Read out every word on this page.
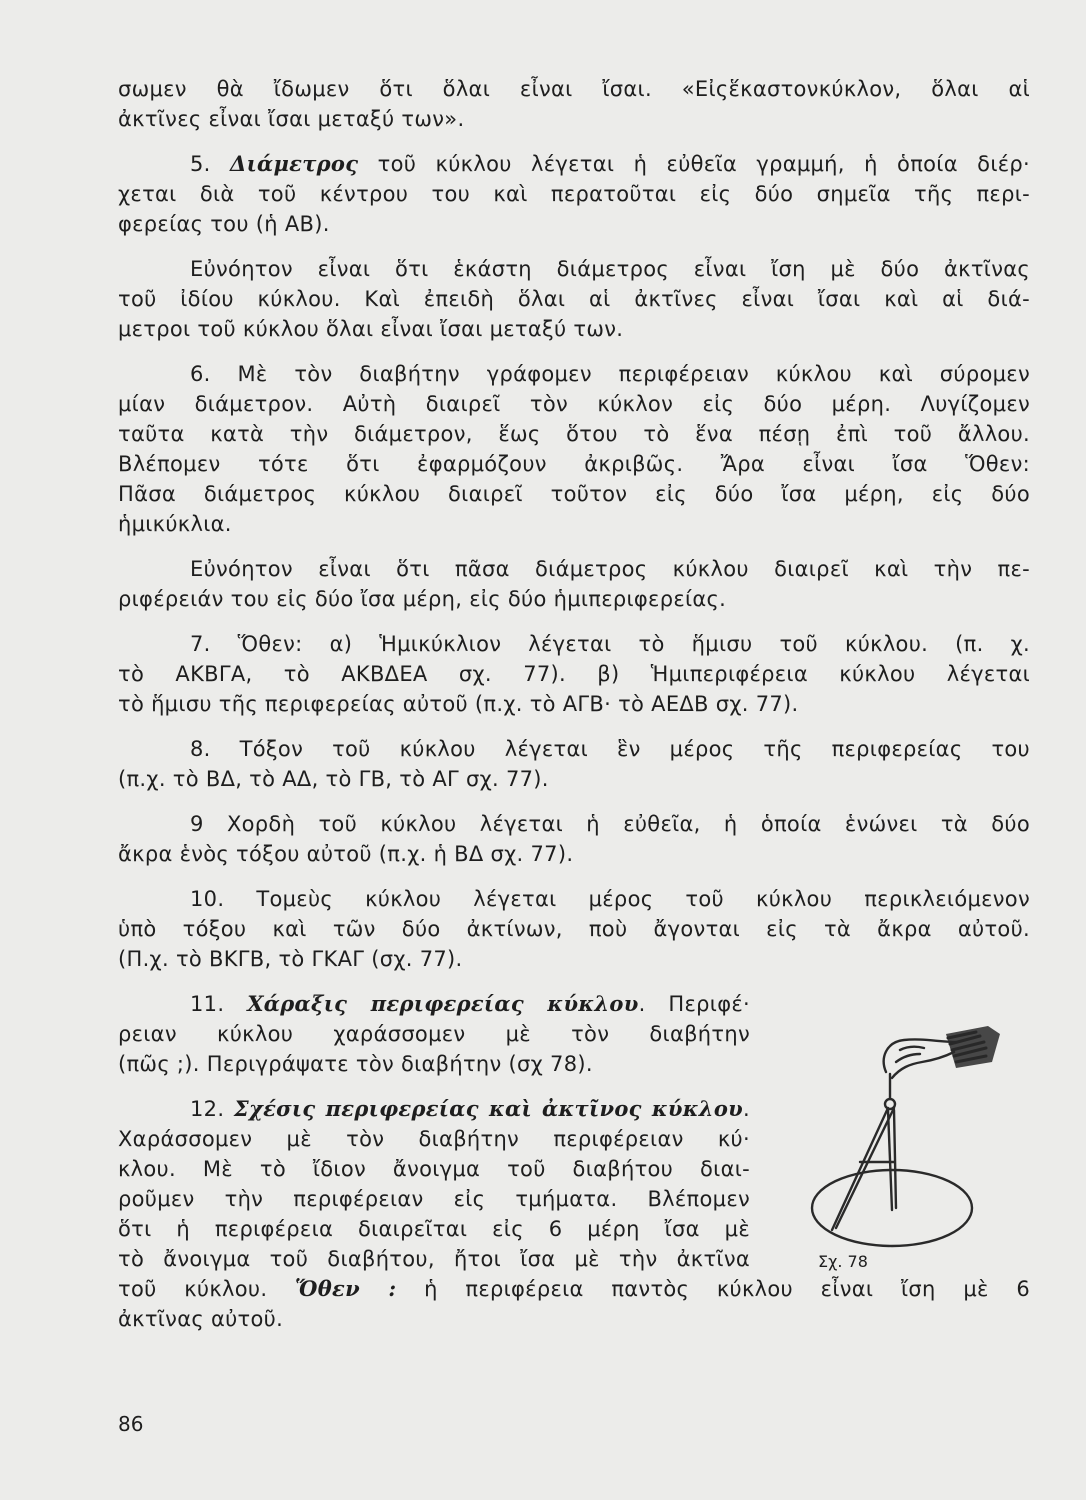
σωμεν θὰ ἴδωμεν ὅτι ὅλαι εἶναι ἴσαι. «Εἰςἕκαστονκύκλον, ὅλαι αἱ
ἀκτῖνες εἶναι ἴσαι μεταξύ των».
5. Διάμετρος τοῦ κύκλου λέγεται ἡ εὐθεῖα γραμμή, ἡ ὁποία διέρ·
χεται διὰ τοῦ κέντρου του καὶ περατοῦται εἰς δύο σημεῖα τῆς περι-
φερείας του (ἡ ΑΒ).
Εὐνόητον εἶναι ὅτι ἑκάστη διάμετρος εἶναι ἴση μὲ δύο ἀκτῖνας
τοῦ ἰδίου κύκλου. Καὶ ἐπειδὴ ὅλαι αἱ ἀκτῖνες εἶναι ἴσαι καὶ αἱ διά-
μετροι τοῦ κύκλου ὅλαι εἶναι ἴσαι μεταξύ των.
6. Μὲ τὸν διαβήτην γράφομεν περιφέρειαν κύκλου καὶ σύρομεν
μίαν διάμετρον. Αὐτὴ διαιρεῖ τὸν κύκλον εἰς δύο μέρη. Λυγίζομεν
ταῦτα κατὰ τὴν διάμετρον, ἕως ὅτου τὸ ἕνα πέσῃ ἐπὶ τοῦ ἄλλου.
Βλέπομεν τότε ὅτι ἐφαρμόζουν ἀκριβῶς. Ἄρα εἶναι ἴσα Ὅθεν:
Πᾶσα διάμετρος κύκλου διαιρεῖ τοῦτον εἰς δύο ἴσα μέρη, εἰς δύο
ἡμικύκλια.
Εὐνόητον εἶναι ὅτι πᾶσα διάμετρος κύκλου διαιρεῖ καὶ τὴν πε-
ριφέρειάν του εἰς δύο ἴσα μέρη, εἰς δύο ἡμιπεριφερείας.
7. Ὅθεν: α) Ἡμικύκλιον λέγεται τὸ ἥμισυ τοῦ κύκλου. (π. χ.
τὸ ΑΚΒΓΑ, τὸ ΑΚΒΔΕΑ σχ. 77). β) Ἡμιπεριφέρεια κύκλου λέγεται
τὸ ἥμισυ τῆς περιφερείας αὐτοῦ (π.χ. τὸ ΑΓΒ· τὸ ΑΕΔΒ σχ. 77).
8. Τόξον τοῦ κύκλου λέγεται ἓν μέρος τῆς περιφερείας του
(π.χ. τὸ ΒΔ, τὸ ΑΔ, τὸ ΓΒ, τὸ ΑΓ σχ. 77).
9 Χορδὴ τοῦ κύκλου λέγεται ἡ εὐθεῖα, ἡ ὁποία ἑνώνει τὰ δύο
ἄκρα ἑνὸς τόξου αὐτοῦ (π.χ. ἡ ΒΔ σχ. 77).
10. Τομεὺς κύκλου λέγεται μέρος τοῦ κύκλου περικλειόμενον
ὑπὸ τόξου καὶ τῶν δύο ἀκτίνων, ποὺ ἄγονται εἰς τὰ ἄκρα αὐτοῦ.
(Π.χ. τὸ ΒΚΓΒ, τὸ ΓΚΑΓ (σχ. 77).
11. Χάραξις περιφερείας κύκλου. Περιφέ·
ρειαν κύκλου χαράσσομεν μὲ τὸν διαβήτην
(πῶς ;). Περιγράψατε τὸν διαβήτην (σχ 78).
12. Σχέσις περιφερείας καὶ ἀκτῖνος κύκλου.
Χαράσσομεν μὲ τὸν διαβήτην περιφέρειαν κύ·
κλου. Μὲ τὸ ἴδιον ἄνοιγμα τοῦ διαβήτου διαι-
ροῦμεν τὴν περιφέρειαν εἰς τμήματα. Βλέπομεν
ὅτι ἡ περιφέρεια διαιρεῖται εἰς 6 μέρη ἴσα μὲ
τὸ ἄνοιγμα τοῦ διαβήτου, ἤτοι ἴσα μὲ τὴν ἀκτῖνα
τοῦ κύκλου. Ὅθεν : ἡ περιφέρεια παντὸς κύκλου εἶναι ἴση μὲ 6
ἀκτῖνας αὐτοῦ.
Σχ. 78
86
